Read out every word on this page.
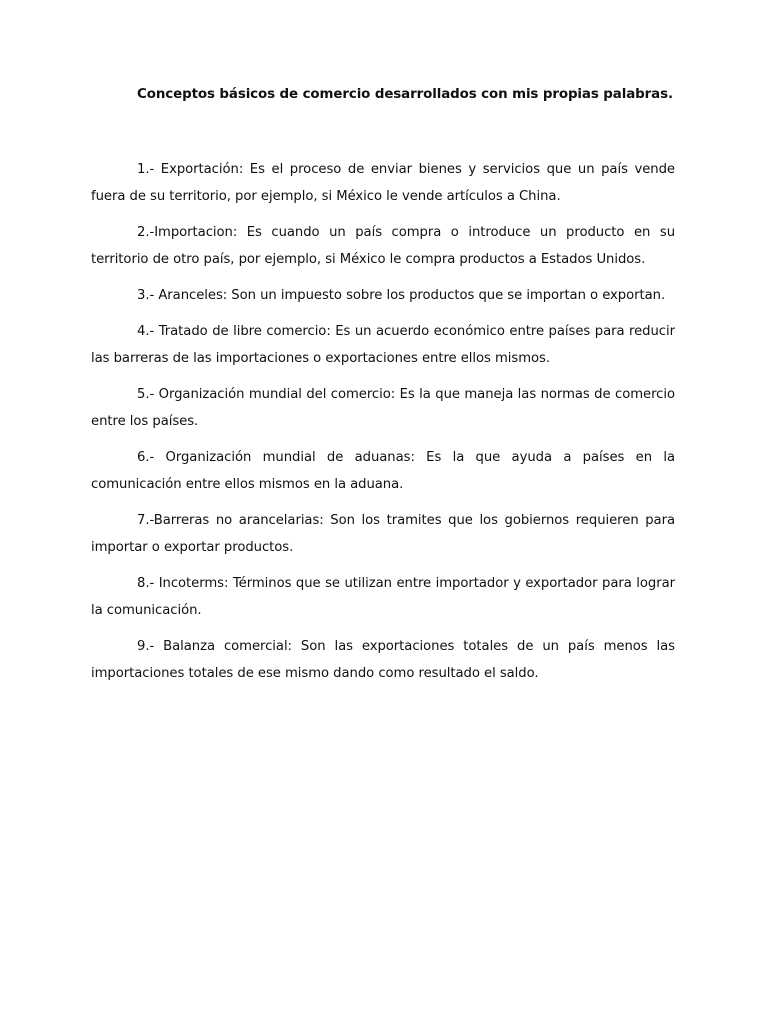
Conceptos básicos de comercio desarrollados con mis propias palabras.

1.- Exportación: Es el proceso de enviar bienes y servicios que un país vende fuera de su territorio, por ejemplo, si México le vende artículos a China.

2.-Importacion: Es cuando un país compra o introduce un producto en su territorio de otro país, por ejemplo, si México le compra productos a Estados Unidos.

3.- Aranceles: Son un impuesto sobre los productos que se importan o exportan.

4.- Tratado de libre comercio: Es un acuerdo económico entre países para reducir las barreras de las importaciones o exportaciones entre ellos mismos.

5.- Organización mundial del comercio: Es la que maneja las normas de comercio entre los países.

6.- Organización mundial de aduanas: Es la que ayuda a países en la comunicación entre ellos mismos en la aduana.

7.-Barreras no arancelarias: Son los tramites que los gobiernos requieren para importar o exportar productos.

8.- Incoterms: Términos que se utilizan entre importador y exportador para lograr la comunicación.

9.- Balanza comercial: Son las exportaciones totales de un país menos las importaciones totales de ese mismo dando como resultado el saldo.
